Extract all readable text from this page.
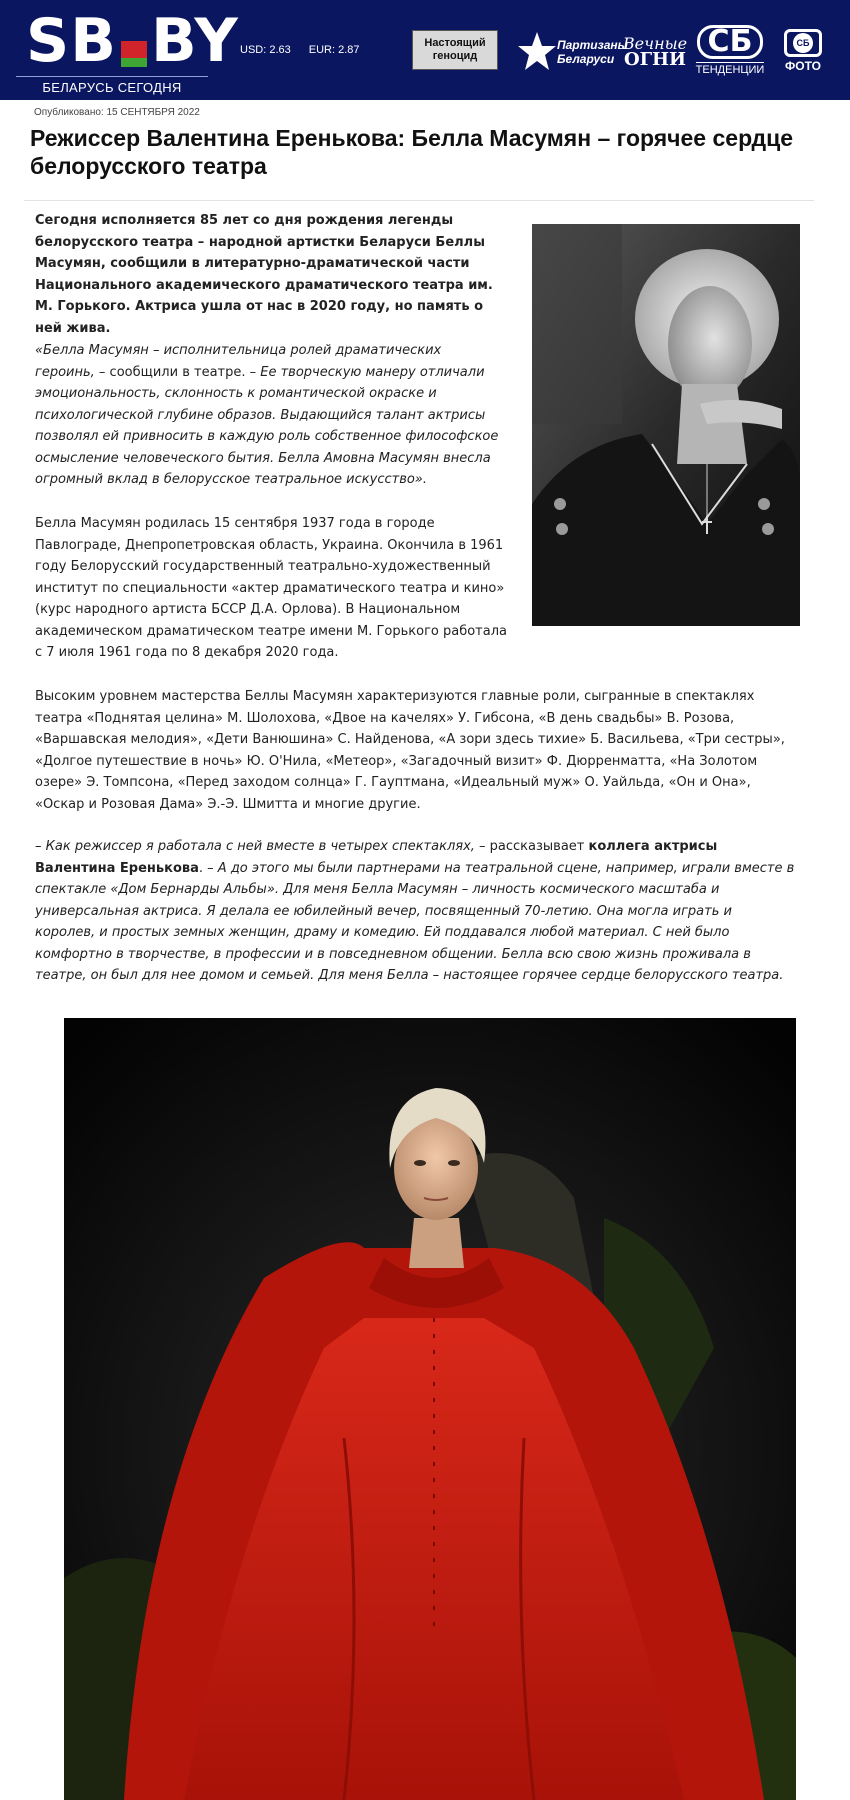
SB BY
БЕЛАРУСЬ СЕГОДНЯ
USD: 2.63 EUR: 2.87
Настоящий
геноцид
Партизаны
Беларуси
Вечные
ОГНИ
СБ
ТЕНДЕНЦИИ
СБ
ФОТО
Опубликовано: 15 СЕНТЯБРЯ 2022
Режиссер Валентина Еренькова: Белла Масумян – горячее сердце белорусского театра

Сегодня исполняется 85 лет со дня рождения легенды белорусского театра – народной артистки Беларуси Беллы Масумян, сообщили в литературно-драматической части Национального академического драматического театра им. М. Горького. Актриса ушла от нас в 2020 году, но память о ней жива.

«Белла Масумян – исполнительница ролей драматических героинь, – сообщили в театре. – Ее творческую манеру отличали эмоциональность, склонность к романтической окраске и психологической глубине образов. Выдающийся талант актрисы позволял ей привносить в каждую роль собственное философское осмысление человеческого бытия. Белла Амовна Масумян внесла огромный вклад в белорусское театральное искусство».

Белла Масумян родилась 15 сентября 1937 года в городе Павлограде, Днепропетровская область, Украина. Окончила в 1961 году Белорусский государственный театрально-художественный институт по специальности «актер драматического театра и кино» (курс народного артиста БССР Д.А. Орлова). В Национальном академическом драматическом театре имени М. Горького работала с 7 июля 1961 года по 8 декабря 2020 года.

Высоким уровнем мастерства Беллы Масумян характеризуются главные роли, сыгранные в спектаклях театра «Поднятая целина» М. Шолохова, «Двое на качелях» У. Гибсона, «В день свадьбы» В. Розова, «Варшавская мелодия», «Дети Ванюшина» С. Найденова, «А зори здесь тихие» Б. Васильева, «Три сестры», «Долгое путешествие в ночь» Ю. О'Нила, «Метеор», «Загадочный визит» Ф. Дюрренматта, «На Золотом озере» Э. Томпсона, «Перед заходом солнца» Г. Гауптмана, «Идеальный муж» О. Уайльда, «Он и Она», «Оскар и Розовая Дама» Э.-Э. Шмитта и многие другие.

– Как режиссер я работала с ней вместе в четырех спектаклях, – рассказывает коллега актрисы Валентина Еренькова. – А до этого мы были партнерами на театральной сцене, например, играли вместе в спектакле «Дом Бернарды Альбы». Для меня Белла Масумян – личность космического масштаба и универсальная актриса. Я делала ее юбилейный вечер, посвященный 70-летию. Она могла играть и королев, и простых земных женщин, драму и комедию. Ей поддавался любой материал. С ней было комфортно в творчестве, в профессии и в повседневном общении. Белла всю свою жизнь проживала в театре, он был для нее домом и семьей. Для меня Белла – настоящее горячее сердце белорусского театра.
